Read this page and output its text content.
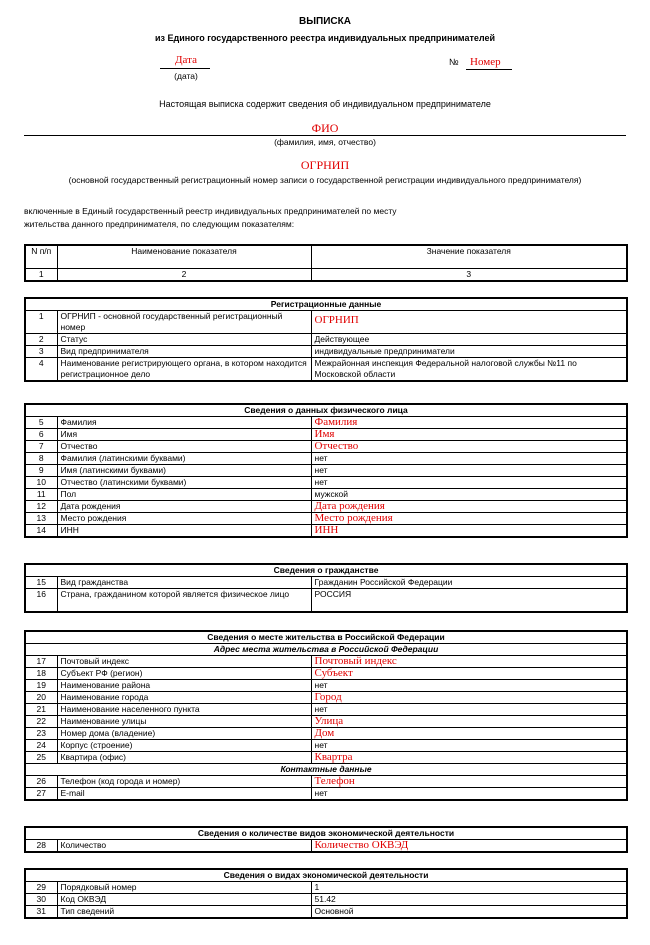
ВЫПИСКА
из Единого государственного реестра индивидуальных предпринимателей
Дата
(дата)
№ Номер
Настоящая выписка содержит сведения об индивидуальном предпринимателе
ФИО
(фамилия, имя, отчество)
ОГРНИП
(основной государственный регистрационный номер записи о государственной регистрации индивидуального предпринимателя)
включенные в Единый государственный реестр индивидуальных предпринимателей по месту
жительства данного предпринимателя, по следующим показателям:
N п/п	Наименование показателя	Значение показателя
1	2	3
Регистрационные данные		
1	ОГРНИП - основной государственный регистрационный номер	ОГРНИП
2	Статус	Действующее
3	Вид предпринимателя	индивидуальные предприниматели
4	Наименование регистрирующего органа, в котором находится регистрационное дело	Межрайонная инспекция Федеральной налоговой службы №11 по Московской области
Сведения о данных физического лица		
5	Фамилия	Фамилия
6	Имя	Имя
7	Отчество	Отчество
8	Фамилия (латинскими буквами)	нет
9	Имя (латинскими буквами)	нет
10	Отчество (латинскими буквами)	нет
11	Пол	мужской
12	Дата рождения	Дата рождения
13	Место рождения	Место рождения
14	ИНН	ИНН
Сведения о гражданстве		
15	Вид гражданства	Гражданин Российской Федерации
16	Страна, гражданином которой является физическое лицо	РОССИЯ
Сведения о месте жительства в Российской Федерации		
Адрес места жительства в Российской Федерации		
17	Почтовый индекс	Почтовый индекс
18	Субъект РФ (регион)	Субъект
19	Наименование района	нет
20	Наименование города	Город
21	Наименование населенного пункта	нет
22	Наименование улицы	Улица
23	Номер дома (владение)	Дом
24	Корпус (строение)	нет
25	Квартира (офис)	Квартра
Контактные данные		
26	Телефон (код города и номер)	Телефон
27	E-mail	нет
Сведения о количестве видов экономической деятельности
28	Количество	Количество ОКВЭД
Сведения о видах экономической деятельности		
29	Порядковый номер	1
30	Код ОКВЭД	51.42
31	Тип сведений	Основной
